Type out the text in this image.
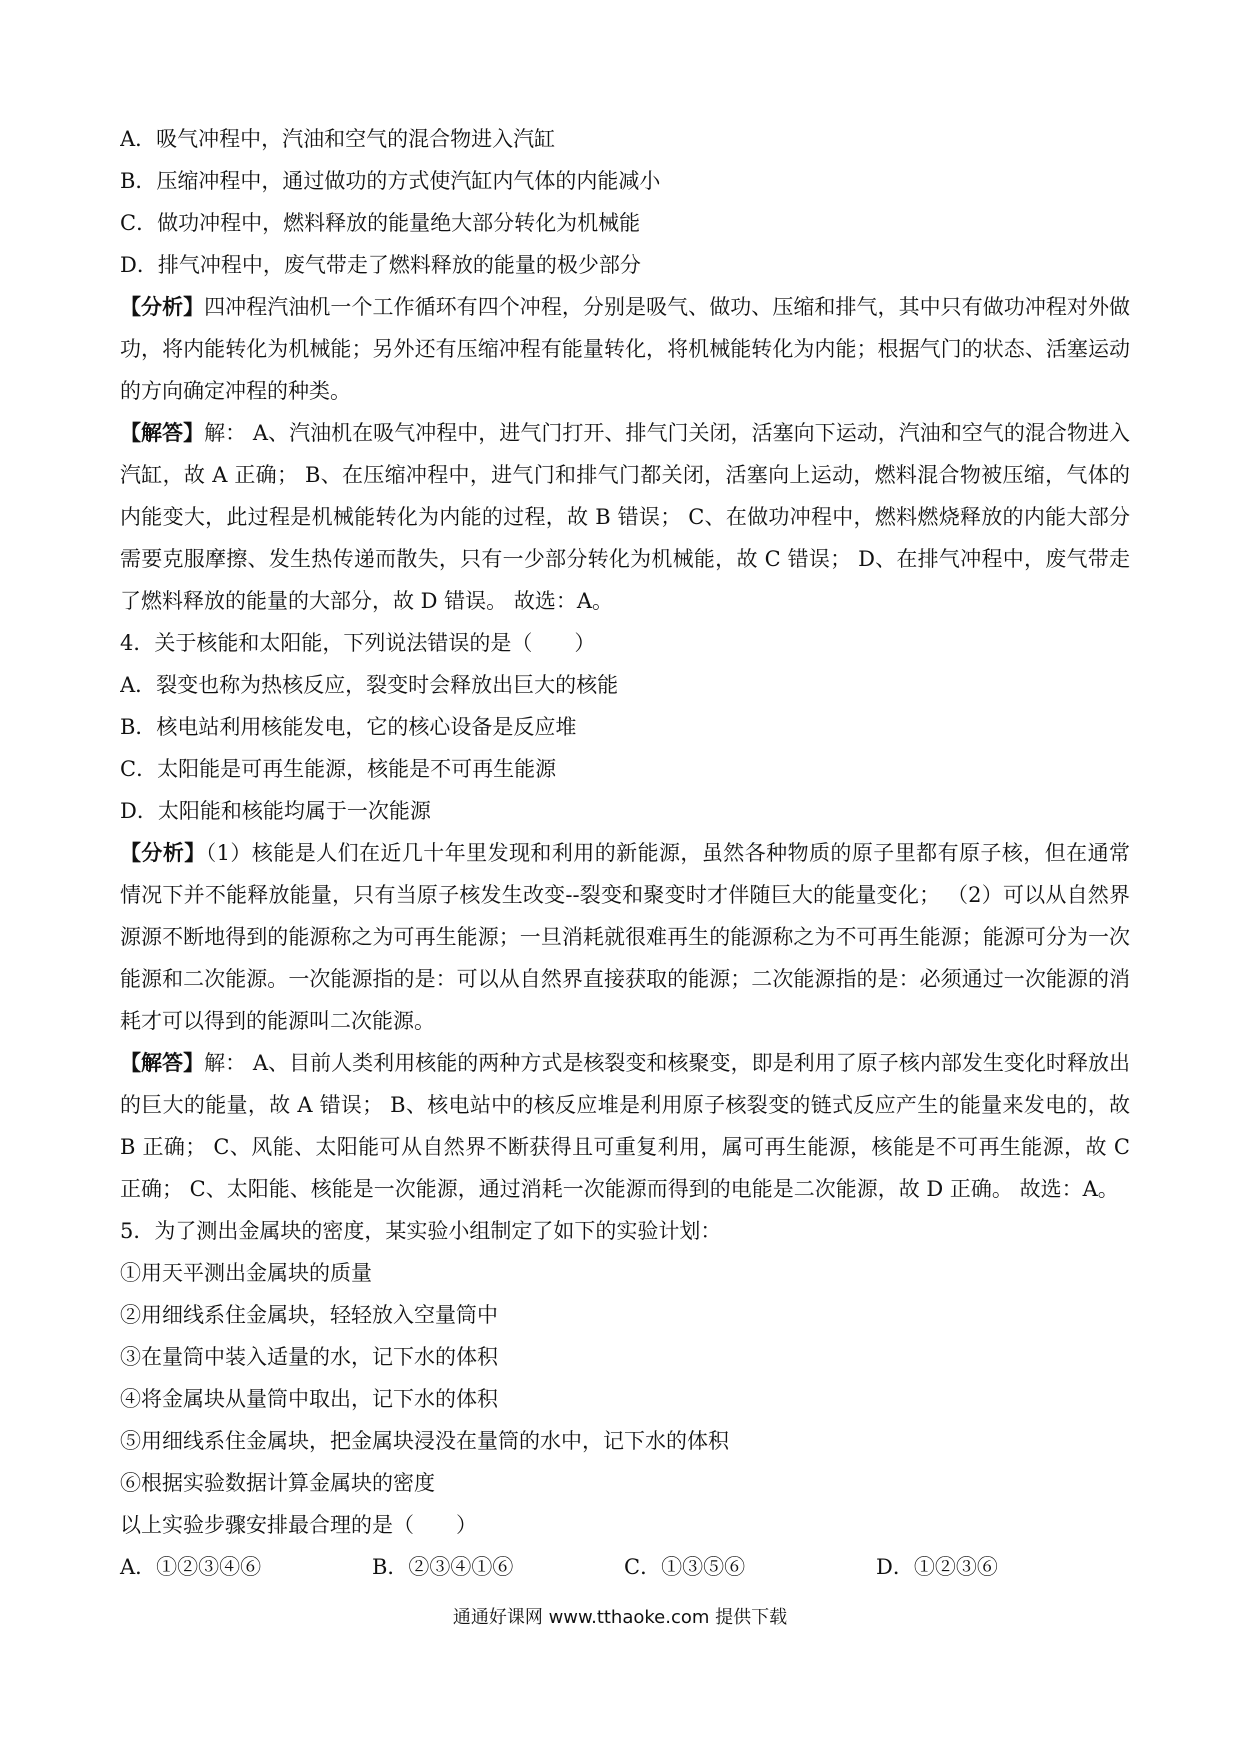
A．吸气冲程中，汽油和空气的混合物进入汽缸
B．压缩冲程中，通过做功的方式使汽缸内气体的内能减小
C．做功冲程中，燃料释放的能量绝大部分转化为机械能
D．排气冲程中，废气带走了燃料释放的能量的极少部分
【分析】四冲程汽油机一个工作循环有四个冲程，分别是吸气、做功、压缩和排气，其中只有做功冲程对外做功，将内能转化为机械能；另外还有压缩冲程有能量转化，将机械能转化为内能；根据气门的状态、活塞运动的方向确定冲程的种类。
【解答】解： A、汽油机在吸气冲程中，进气门打开、排气门关闭，活塞向下运动，汽油和空气的混合物进入汽缸，故 A 正确； B、在压缩冲程中，进气门和排气门都关闭，活塞向上运动，燃料混合物被压缩，气体的内能变大，此过程是机械能转化为内能的过程，故 B 错误； C、在做功冲程中，燃料燃烧释放的内能大部分需要克服摩擦、发生热传递而散失，只有一少部分转化为机械能，故 C 错误； D、在排气冲程中，废气带走了燃料释放的能量的大部分，故 D 错误。 故选：A。
4．关于核能和太阳能，下列说法错误的是（　　）
A．裂变也称为热核反应，裂变时会释放出巨大的核能
B．核电站利用核能发电，它的核心设备是反应堆
C．太阳能是可再生能源，核能是不可再生能源
D．太阳能和核能均属于一次能源
【分析】（1）核能是人们在近几十年里发现和利用的新能源，虽然各种物质的原子里都有原子核，但在通常情况下并不能释放能量，只有当原子核发生改变--裂变和聚变时才伴随巨大的能量变化； （2）可以从自然界源源不断地得到的能源称之为可再生能源；一旦消耗就很难再生的能源称之为不可再生能源；能源可分为一次能源和二次能源。一次能源指的是：可以从自然界直接获取的能源；二次能源指的是：必须通过一次能源的消耗才可以得到的能源叫二次能源。
【解答】解： A、目前人类利用核能的两种方式是核裂变和核聚变，即是利用了原子核内部发生变化时释放出的巨大的能量，故 A 错误； B、核电站中的核反应堆是利用原子核裂变的链式反应产生的能量来发电的，故 B 正确； C、风能、太阳能可从自然界不断获得且可重复利用，属可再生能源，核能是不可再生能源，故 C 正确； C、太阳能、核能是一次能源，通过消耗一次能源而得到的电能是二次能源，故 D 正确。 故选：A。
5．为了测出金属块的密度，某实验小组制定了如下的实验计划：
①用天平测出金属块的质量
②用细线系住金属块，轻轻放入空量筒中
③在量筒中装入适量的水，记下水的体积
④将金属块从量筒中取出，记下水的体积
⑤用细线系住金属块，把金属块浸没在量筒的水中，记下水的体积
⑥根据实验数据计算金属块的密度
以上实验步骤安排最合理的是（　　）
A．①②③④⑥	B．②③④①⑥	C．①③⑤⑥	D．①②③⑥
通通好课网 www.tthaoke.com 提供下载
